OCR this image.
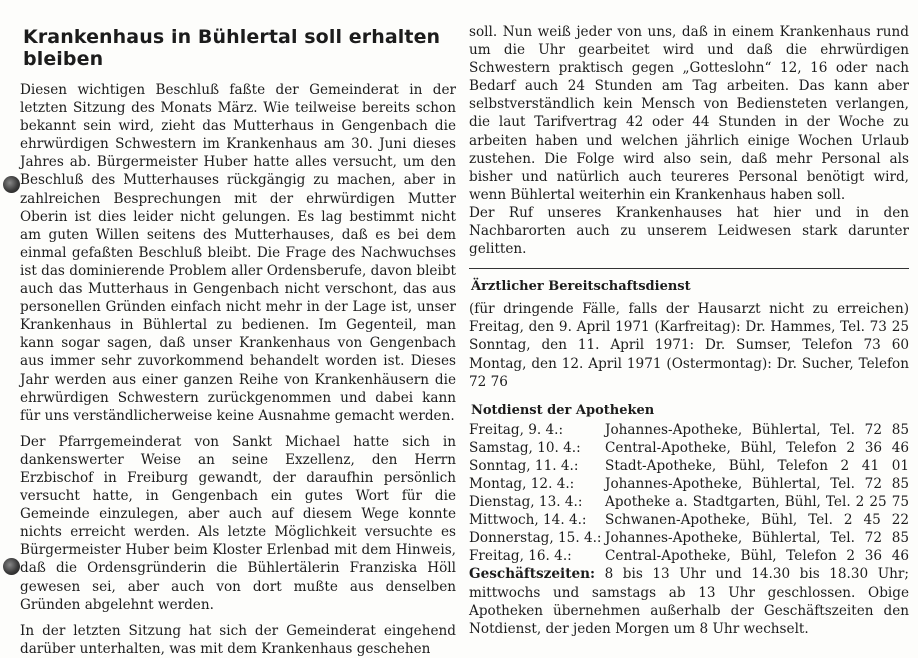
Krankenhaus in Bühlertal soll erhalten bleiben

Diesen wichtigen Beschluß faßte der Gemeinderat in der letzten Sitzung des Monats März. Wie teilweise bereits schon bekannt sein wird, zieht das Mutterhaus in Gengenbach die ehrwürdigen Schwestern im Krankenhaus am 30. Juni dieses Jahres ab. Bürgermeister Huber hatte alles versucht, um den Beschluß des Mutterhauses rückgängig zu machen, aber in zahlreichen Besprechungen mit der ehrwürdigen Mutter Oberin ist dies leider nicht gelungen. Es lag bestimmt nicht am guten Willen seitens des Mutterhauses, daß es bei dem einmal gefaßten Beschluß bleibt. Die Frage des Nachwuchses ist das dominierende Problem aller Ordensberufe, davon bleibt auch das Mutterhaus in Gengenbach nicht verschont, das aus personellen Gründen einfach nicht mehr in der Lage ist, unser Krankenhaus in Bühlertal zu bedienen. Im Gegenteil, man kann sogar sagen, daß unser Krankenhaus von Gengenbach aus immer sehr zuvorkommend behandelt worden ist. Dieses Jahr werden aus einer ganzen Reihe von Krankenhäusern die ehrwürdigen Schwestern zurückgenommen und dabei kann für uns verständlicherweise keine Ausnahme gemacht werden.

Der Pfarrgemeinderat von Sankt Michael hatte sich in dankenswerter Weise an seine Exzellenz, den Herrn Erzbischof in Freiburg gewandt, der daraufhin persönlich versucht hatte, in Gengenbach ein gutes Wort für die Gemeinde einzulegen, aber auch auf diesem Wege konnte nichts erreicht werden. Als letzte Möglichkeit versuchte es Bürgermeister Huber beim Kloster Erlenbad mit dem Hinweis, daß die Ordensgründerin die Bühlertälerin Franziska Höll gewesen sei, aber auch von dort mußte aus denselben Gründen abgelehnt werden.

In der letzten Sitzung hat sich der Gemeinderat eingehend darüber unterhalten, was mit dem Krankenhaus geschehen

soll. Nun weiß jeder von uns, daß in einem Krankenhaus rund um die Uhr gearbeitet wird und daß die ehrwürdigen Schwestern praktisch gegen „Gotteslohn“ 12, 16 oder nach Bedarf auch 24 Stunden am Tag arbeiten. Das kann aber selbstverständlich kein Mensch von Bediensteten verlangen, die laut Tarifvertrag 42 oder 44 Stunden in der Woche zu arbeiten haben und welchen jährlich einige Wochen Urlaub zustehen. Die Folge wird also sein, daß mehr Personal als bisher und natürlich auch teureres Personal benötigt wird, wenn Bühlertal weiterhin ein Krankenhaus haben soll.

Der Ruf unseres Krankenhauses hat hier und in den Nachbarorten auch zu unserem Leidwesen stark darunter gelitten.

Ärztlicher Bereitschaftsdienst

(für dringende Fälle, falls der Hausarzt nicht zu erreichen) Freitag, den 9. April 1971 (Karfreitag): Dr. Hammes, Tel. 73 25 Sonntag, den 11. April 1971: Dr. Sumser, Telefon 73 60 Montag, den 12. April 1971 (Ostermontag): Dr. Sucher, Telefon 72 76

Notdienst der Apotheken
Freitag, 9. 4.:	Johannes-Apotheke, Bühlertal, Tel. 72 85
Samstag, 10. 4.:	Central-Apotheke, Bühl, Telefon 2 36 46
Sonntag, 11. 4.:	Stadt-Apotheke, Bühl, Telefon 2 41 01
Montag, 12. 4.:	Johannes-Apotheke, Bühlertal, Tel. 72 85
Dienstag, 13. 4.:	Apotheke a. Stadtgarten, Bühl, Tel. 2 25 75
Mittwoch, 14. 4.:	Schwanen-Apotheke, Bühl, Tel. 2 45 22
Donnerstag, 15. 4.: Johannes-Apotheke, Bühlertal, Tel. 72 85
Freitag, 16. 4.:	Central-Apotheke, Bühl, Telefon 2 36 46

Geschäftszeiten: 8 bis 13 Uhr und 14.30 bis 18.30 Uhr; mittwochs und samstags ab 13 Uhr geschlossen. Obige Apotheken übernehmen außerhalb der Geschäftszeiten den Notdienst, der jeden Morgen um 8 Uhr wechselt.
